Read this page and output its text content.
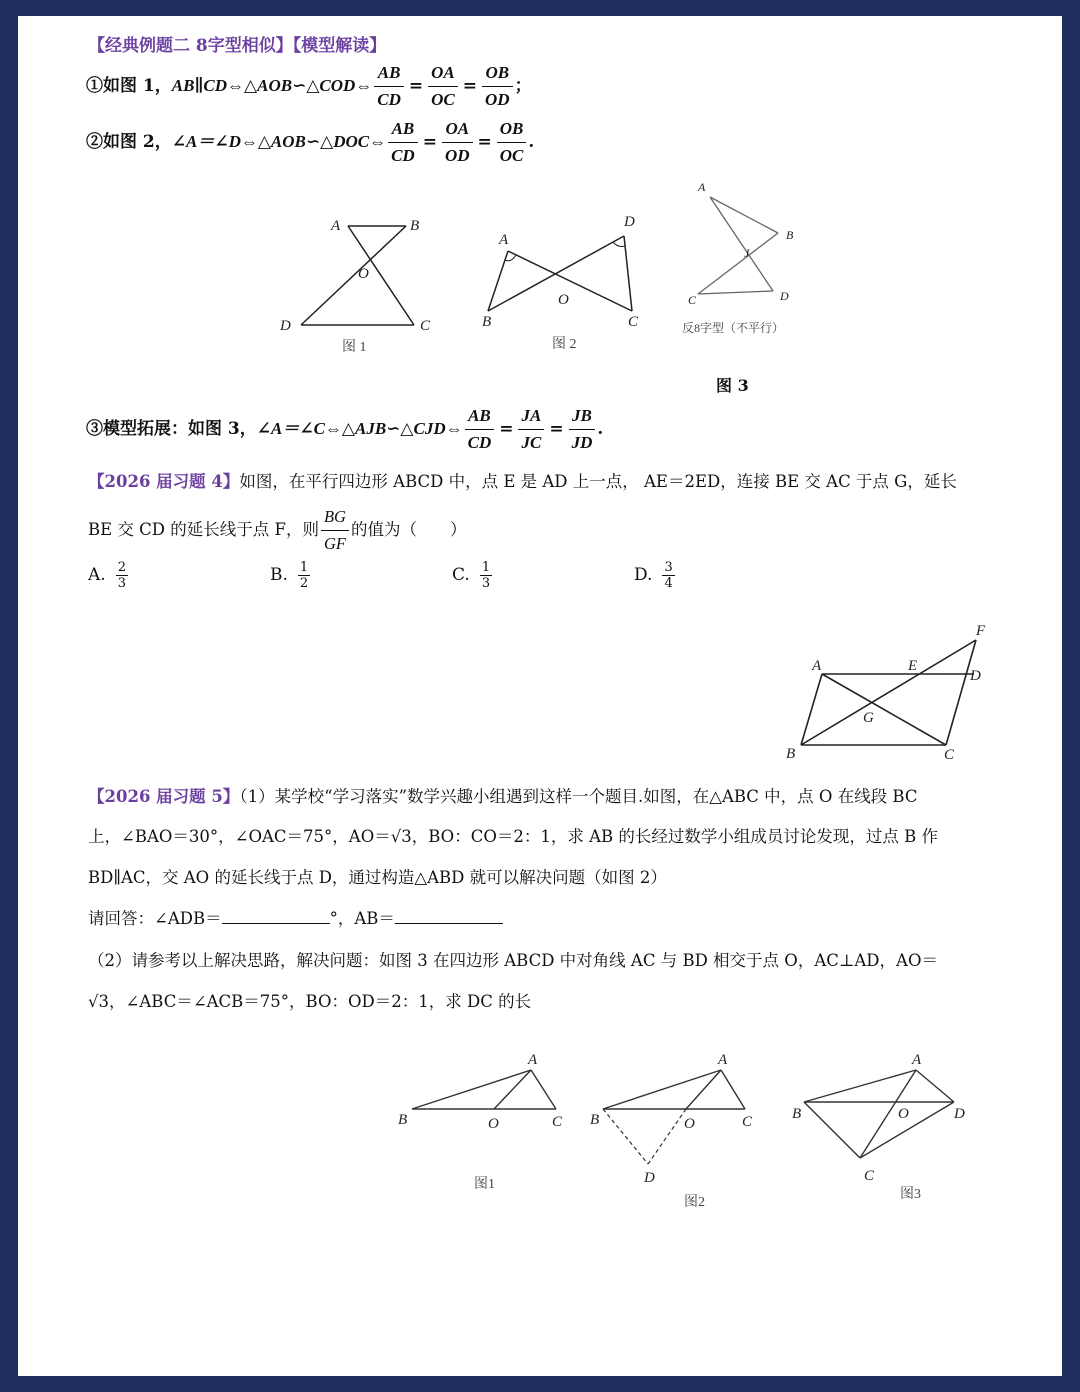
【经典例题二 8字型相似】【模型解读】
①如图 1，AB∥CD⇔△AOB∽△COD⇔ $\frac{AB}{CD} = \frac{OA}{OC} = \frac{OB}{OD}$ ；
②如图 2，∠A＝∠D⇔△AOB∽△DOC⇔ $\frac{AB}{CD} = \frac{OA}{OD} = \frac{OB}{OC}$ .
A	B
O
D	C
图 1
A
D
O
B	C
图 2
A
B
J
C	D
反8字型（不平行）
图 3
③模型拓展：如图 3，∠A＝∠C⇔△AJB∽△CJD⇔ $\frac{AB}{CD} = \frac{JA}{JC} = \frac{JB}{JD}$ .
【2026 届习题 4】如图，在平行四边形 ABCD 中，点 E 是 AD 上一点， AE＝2ED，连接 BE 交 AC 于点 G，延长
BE 交 CD 的延长线于点 F，则 $\frac{BG}{GF}$ 的值为（　　）
A. $\frac{2}{3}$	B. $\frac{1}{2}$	C. $\frac{1}{3}$	D. $\frac{3}{4}$
F
A	E
D
G
B	C
【2026 届习题 5】（1）某学校“学习落实”数学兴趣小组遇到这样一个题目.如图，在△ABC 中，点 O 在线段 BC
上，∠BAO＝30°，∠OAC＝75°，AO＝√3，BO：CO＝2：1，求 AB 的长经过数学小组成员讨论发现，过点 B 作
BD∥AC，交 AO 的延长线于点 D，通过构造△ABD 就可以解决问题（如图 2）
请回答：∠ADB＝	°，AB＝
（2）请参考以上解决思路，解决问题：如图 3 在四边形 ABCD 中对角线 AC 与 BD 相交于点 O，AC⊥AD，AO＝
√3，∠ABC＝∠ACB＝75°，BO：OD＝2：1，求 DC 的长
A
B	O	C
图1
A
B	O	C
D
图2
A
B	O	D
C
图3
